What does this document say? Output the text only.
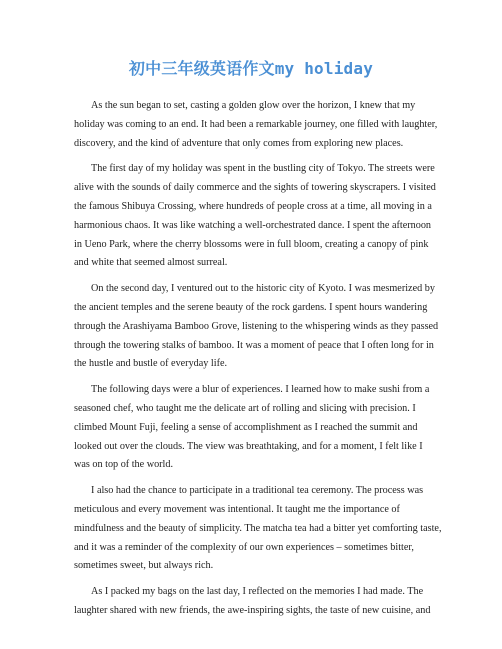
初中三年级英语作文my holiday
As the sun began to set, casting a golden glow over the horizon, I knew that my
holiday was coming to an end. It had been a remarkable journey, one filled with laughter,
discovery, and the kind of adventure that only comes from exploring new places.
The first day of my holiday was spent in the bustling city of Tokyo. The streets were
alive with the sounds of daily commerce and the sights of towering skyscrapers. I visited
the famous Shibuya Crossing, where hundreds of people cross at a time, all moving in a
harmonious chaos. It was like watching a well-orchestrated dance. I spent the afternoon
in Ueno Park, where the cherry blossoms were in full bloom, creating a canopy of pink
and white that seemed almost surreal.
On the second day, I ventured out to the historic city of Kyoto. I was mesmerized by
the ancient temples and the serene beauty of the rock gardens. I spent hours wandering
through the Arashiyama Bamboo Grove, listening to the whispering winds as they passed
through the towering stalks of bamboo. It was a moment of peace that I often long for in
the hustle and bustle of everyday life.
The following days were a blur of experiences. I learned how to make sushi from a
seasoned chef, who taught me the delicate art of rolling and slicing with precision. I
climbed Mount Fuji, feeling a sense of accomplishment as I reached the summit and
looked out over the clouds. The view was breathtaking, and for a moment, I felt like I
was on top of the world.
I also had the chance to participate in a traditional tea ceremony. The process was
meticulous and every movement was intentional. It taught me the importance of
mindfulness and the beauty of simplicity. The matcha tea had a bitter yet comforting taste,
and it was a reminder of the complexity of our own experiences – sometimes bitter,
sometimes sweet, but always rich.
As I packed my bags on the last day, I reflected on the memories I had made. The
laughter shared with new friends, the awe-inspiring sights, the taste of new cuisine, and
